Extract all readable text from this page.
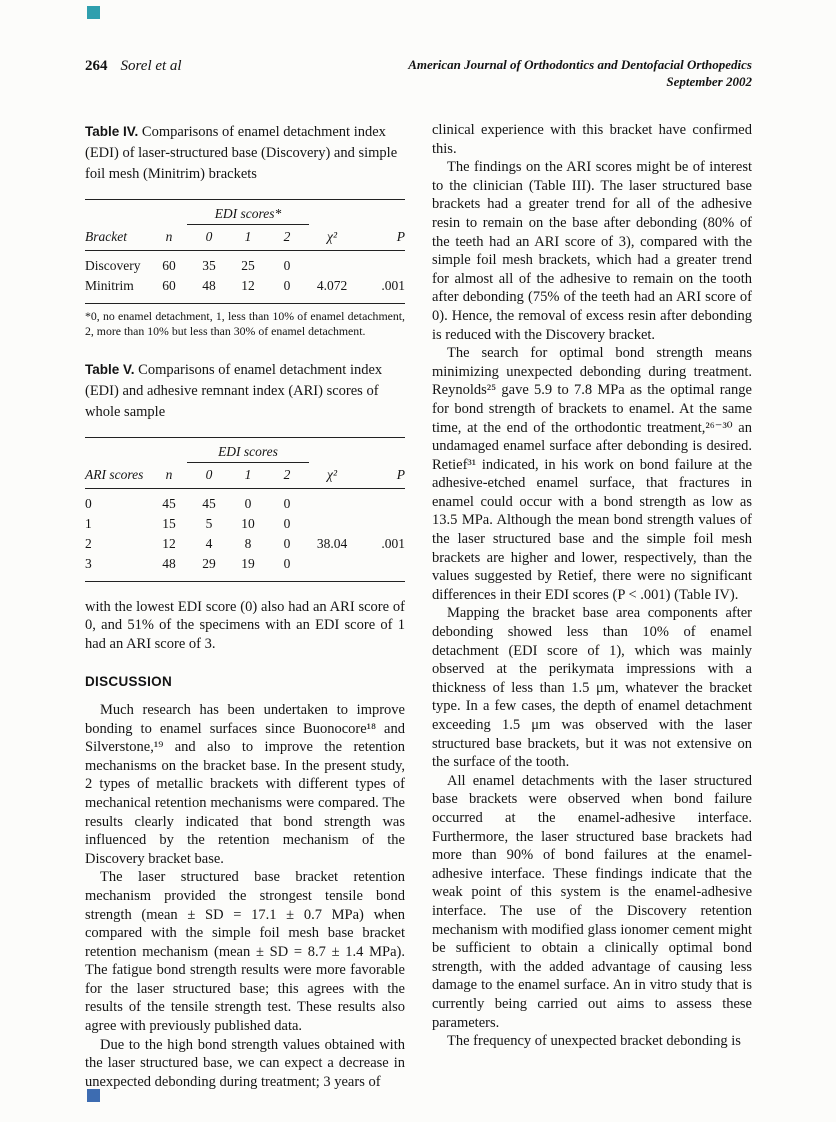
264 Sorel et al	American Journal of Orthodontics and Dentofacial Orthopedics
September 2002

Table IV. Comparisons of enamel detachment index (EDI) of laser-structured base (Discovery) and simple foil mesh (Minitrim) brackets

		EDI scores*				
Bracket	n	0	1	2	χ²	P
Discovery	60	35	25	0		
Minitrim	60	48	12	0	4.072	.001

*0, no enamel detachment, 1, less than 10% of enamel detachment, 2, more than 10% but less than 30% of enamel detachment.

Table V. Comparisons of enamel detachment index (EDI) and adhesive remnant index (ARI) scores of whole sample

		EDI scores				
ARI scores	n	0	1	2	χ²	P
0	45	45	0	0		
1	15	5	10	0		
2	12	4	8	0	38.04	.001
3	48	29	19	0		

with the lowest EDI score (0) also had an ARI score of 0, and 51% of the specimens with an EDI score of 1 had an ARI score of 3.

DISCUSSION

Much research has been undertaken to improve bonding to enamel surfaces since Buonocore¹⁸ and Silverstone,¹⁹ and also to improve the retention mechanisms on the bracket base. In the present study, 2 types of metallic brackets with different types of mechanical retention mechanisms were compared. The results clearly indicated that bond strength was influenced by the retention mechanism of the Discovery bracket base.

The laser structured base bracket retention mechanism provided the strongest tensile bond strength (mean ± SD = 17.1 ± 0.7 MPa) when compared with the simple foil mesh base bracket retention mechanism (mean ± SD = 8.7 ± 1.4 MPa). The fatigue bond strength results were more favorable for the laser structured base; this agrees with the results of the tensile strength test. These results also agree with previously published data.

Due to the high bond strength values obtained with the laser structured base, we can expect a decrease in unexpected debonding during treatment; 3 years of

clinical experience with this bracket have confirmed this.

The findings on the ARI scores might be of interest to the clinician (Table III). The laser structured base brackets had a greater trend for all of the adhesive resin to remain on the base after debonding (80% of the teeth had an ARI score of 3), compared with the simple foil mesh brackets, which had a greater trend for almost all of the adhesive to remain on the tooth after debonding (75% of the teeth had an ARI score of 0). Hence, the removal of excess resin after debonding is reduced with the Discovery bracket.

The search for optimal bond strength means minimizing unexpected debonding during treatment. Reynolds²⁵ gave 5.9 to 7.8 MPa as the optimal range for bond strength of brackets to enamel. At the same time, at the end of the orthodontic treatment,²⁶⁻³⁰ an undamaged enamel surface after debonding is desired. Retief³¹ indicated, in his work on bond failure at the adhesive-etched enamel surface, that fractures in enamel could occur with a bond strength as low as 13.5 MPa. Although the mean bond strength values of the laser structured base and the simple foil mesh brackets are higher and lower, respectively, than the values suggested by Retief, there were no significant differences in their EDI scores (P < .001) (Table IV).

Mapping the bracket base area components after debonding showed less than 10% of enamel detachment (EDI score of 1), which was mainly observed at the perikymata impressions with a thickness of less than 1.5 μm, whatever the bracket type. In a few cases, the depth of enamel detachment exceeding 1.5 μm was observed with the laser structured base brackets, but it was not extensive on the surface of the tooth.

All enamel detachments with the laser structured base brackets were observed when bond failure occurred at the enamel-adhesive interface. Furthermore, the laser structured base brackets had more than 90% of bond failures at the enamel-adhesive interface. These findings indicate that the weak point of this system is the enamel-adhesive interface. The use of the Discovery retention mechanism with modified glass ionomer cement might be sufficient to obtain a clinically optimal bond strength, with the added advantage of causing less damage to the enamel surface. An in vitro study that is currently being carried out aims to assess these parameters.

The frequency of unexpected bracket debonding is
